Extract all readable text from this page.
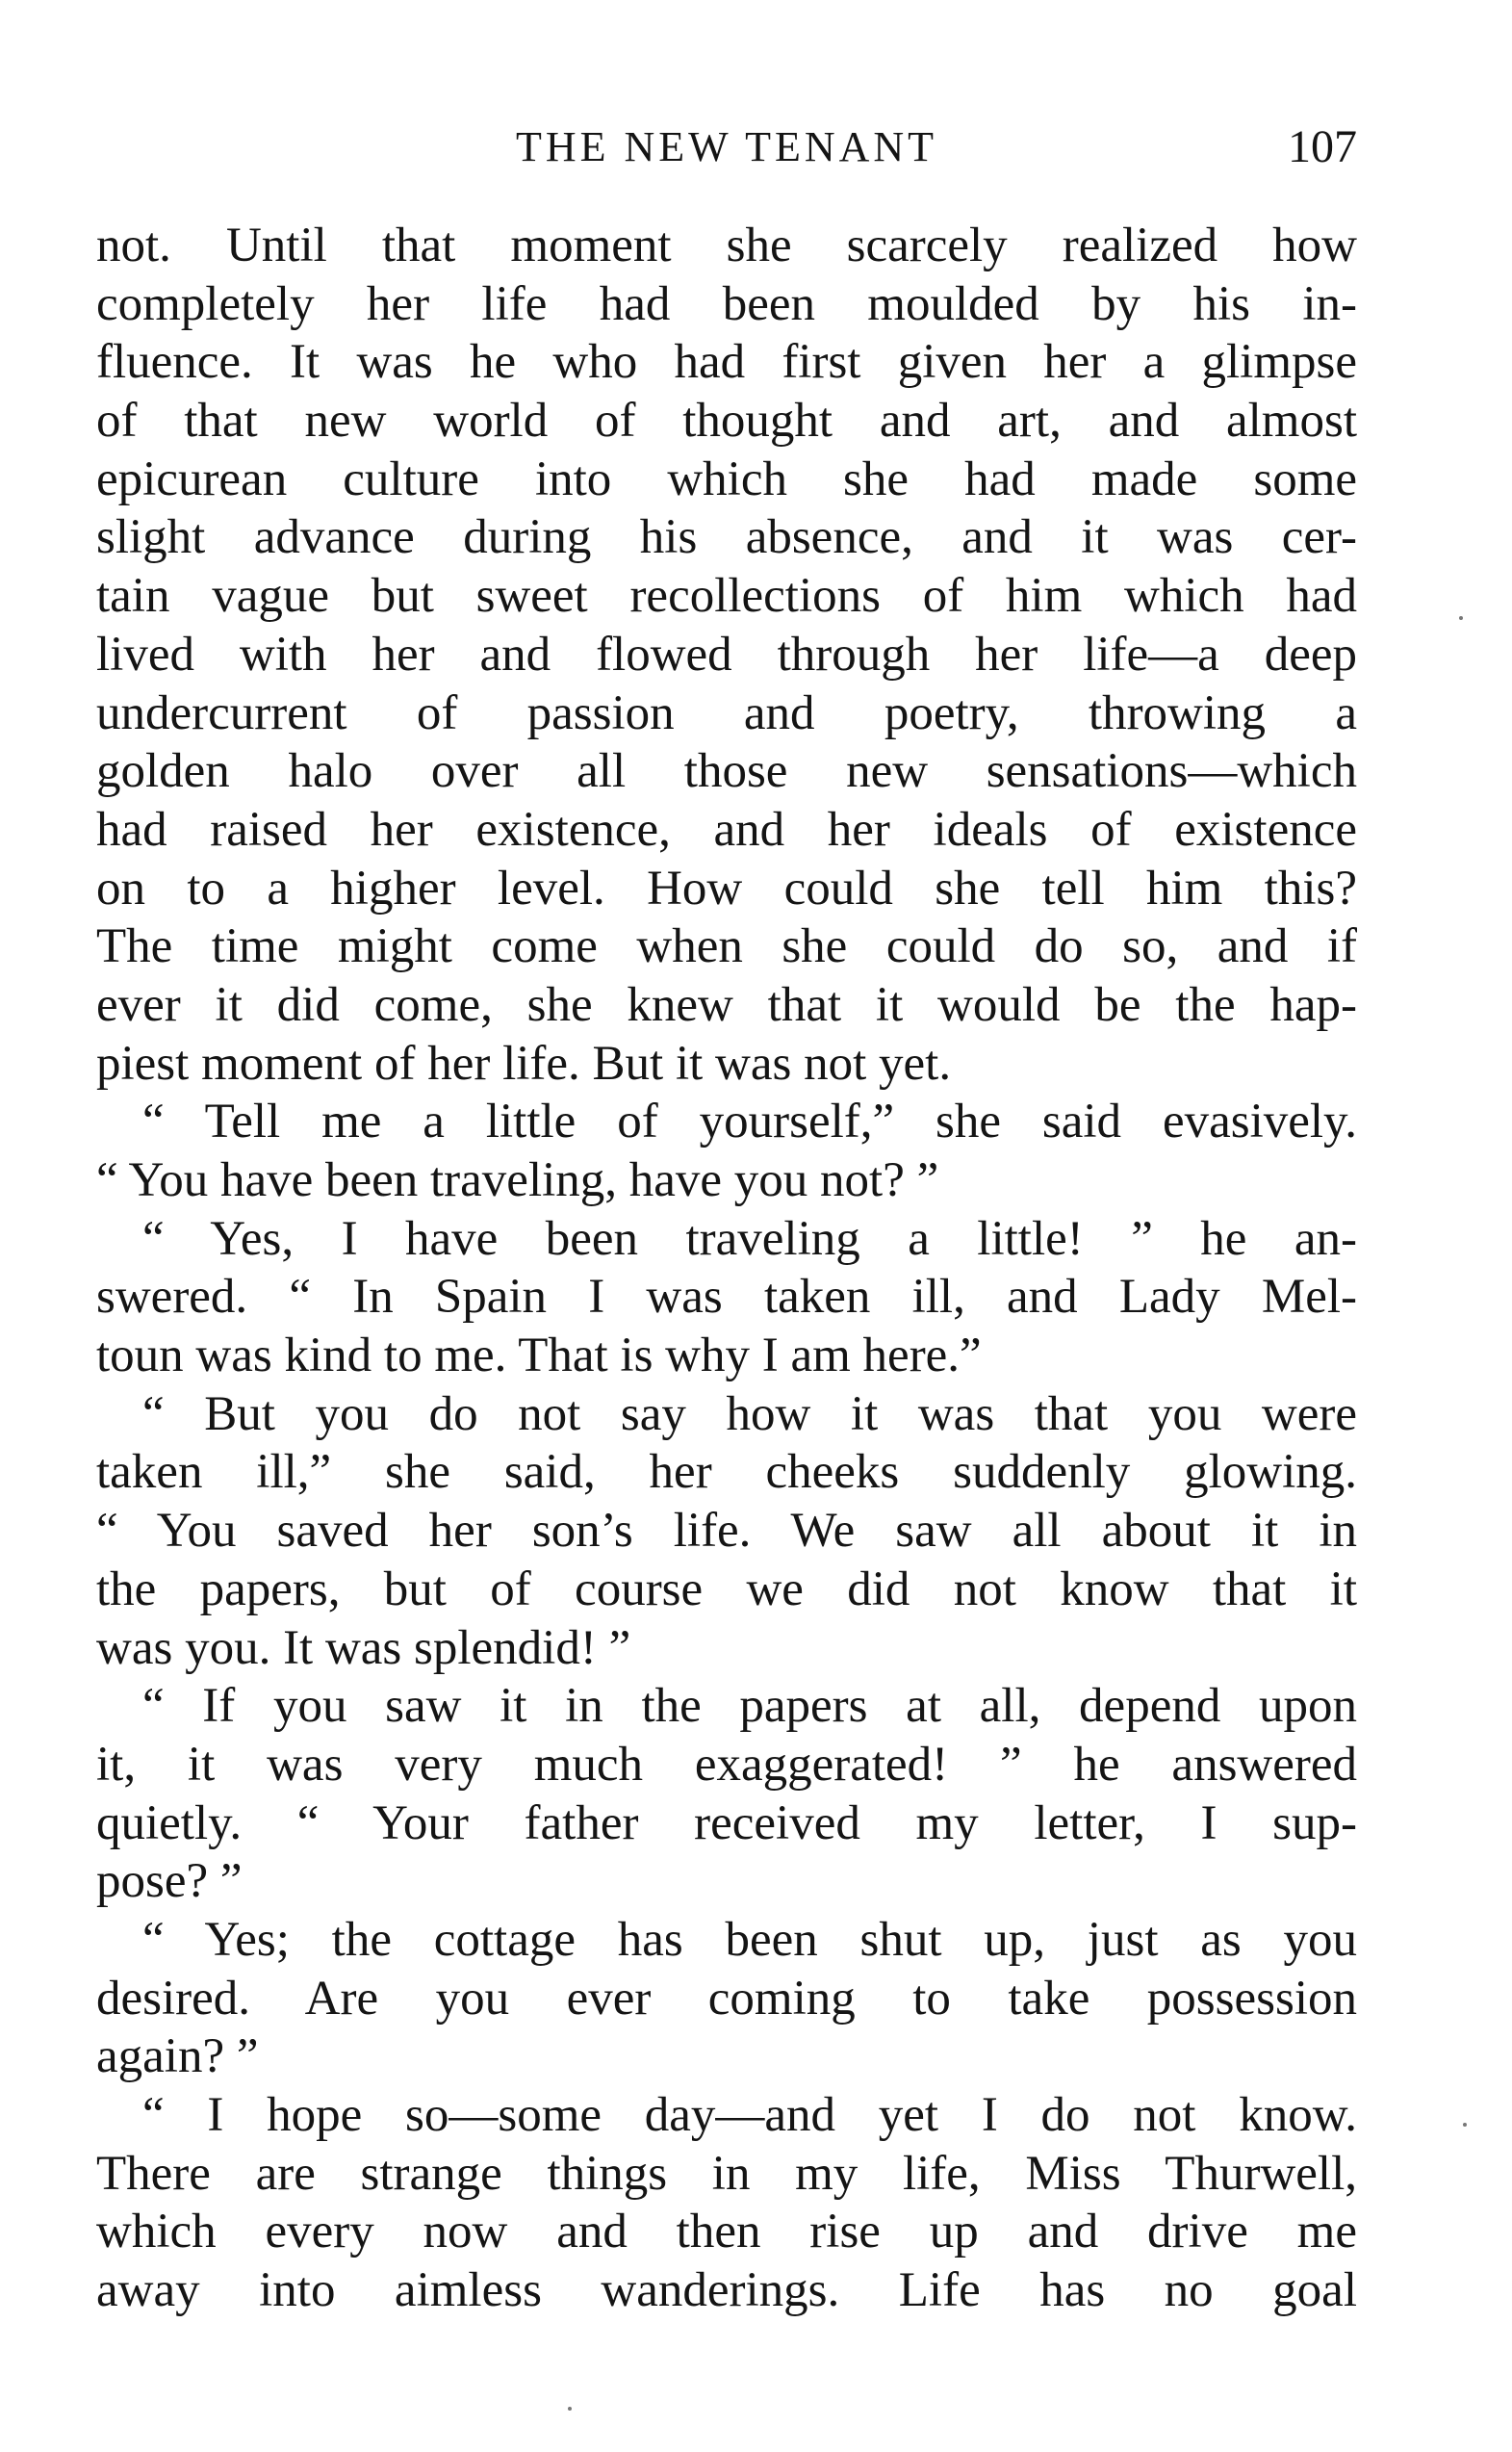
THE NEW TENANT	107
not. Until that moment she scarcely realized how
completely her life had been moulded by his in-
fluence. It was he who had first given her a glimpse
of that new world of thought and art, and almost
epicurean culture into which she had made some
slight advance during his absence, and it was cer-
tain vague but sweet recollections of him which had
lived with her and flowed through her life—a deep
undercurrent of passion and poetry, throwing a
golden halo over all those new sensations—which
had raised her existence, and her ideals of existence
on to a higher level. How could she tell him this?
The time might come when she could do so, and if
ever it did come, she knew that it would be the hap-
piest moment of her life. But it was not yet.
“ Tell me a little of yourself,” she said evasively.
“ You have been traveling, have you not? ”
“ Yes, I have been traveling a little! ” he an-
swered. “ In Spain I was taken ill, and Lady Mel-
toun was kind to me. That is why I am here.”
“ But you do not say how it was that you were
taken ill,” she said, her cheeks suddenly glowing.
“ You saved her son’s life. We saw all about it in
the papers, but of course we did not know that it
was you. It was splendid! ”
“ If you saw it in the papers at all, depend upon
it, it was very much exaggerated! ” he answered
quietly. “ Your father received my letter, I sup-
pose? ”
“ Yes; the cottage has been shut up, just as you
desired. Are you ever coming to take possession
again? ”
“ I hope so—some day—and yet I do not know.
There are strange things in my life, Miss Thurwell,
which every now and then rise up and drive me
away into aimless wanderings. Life has no goal
